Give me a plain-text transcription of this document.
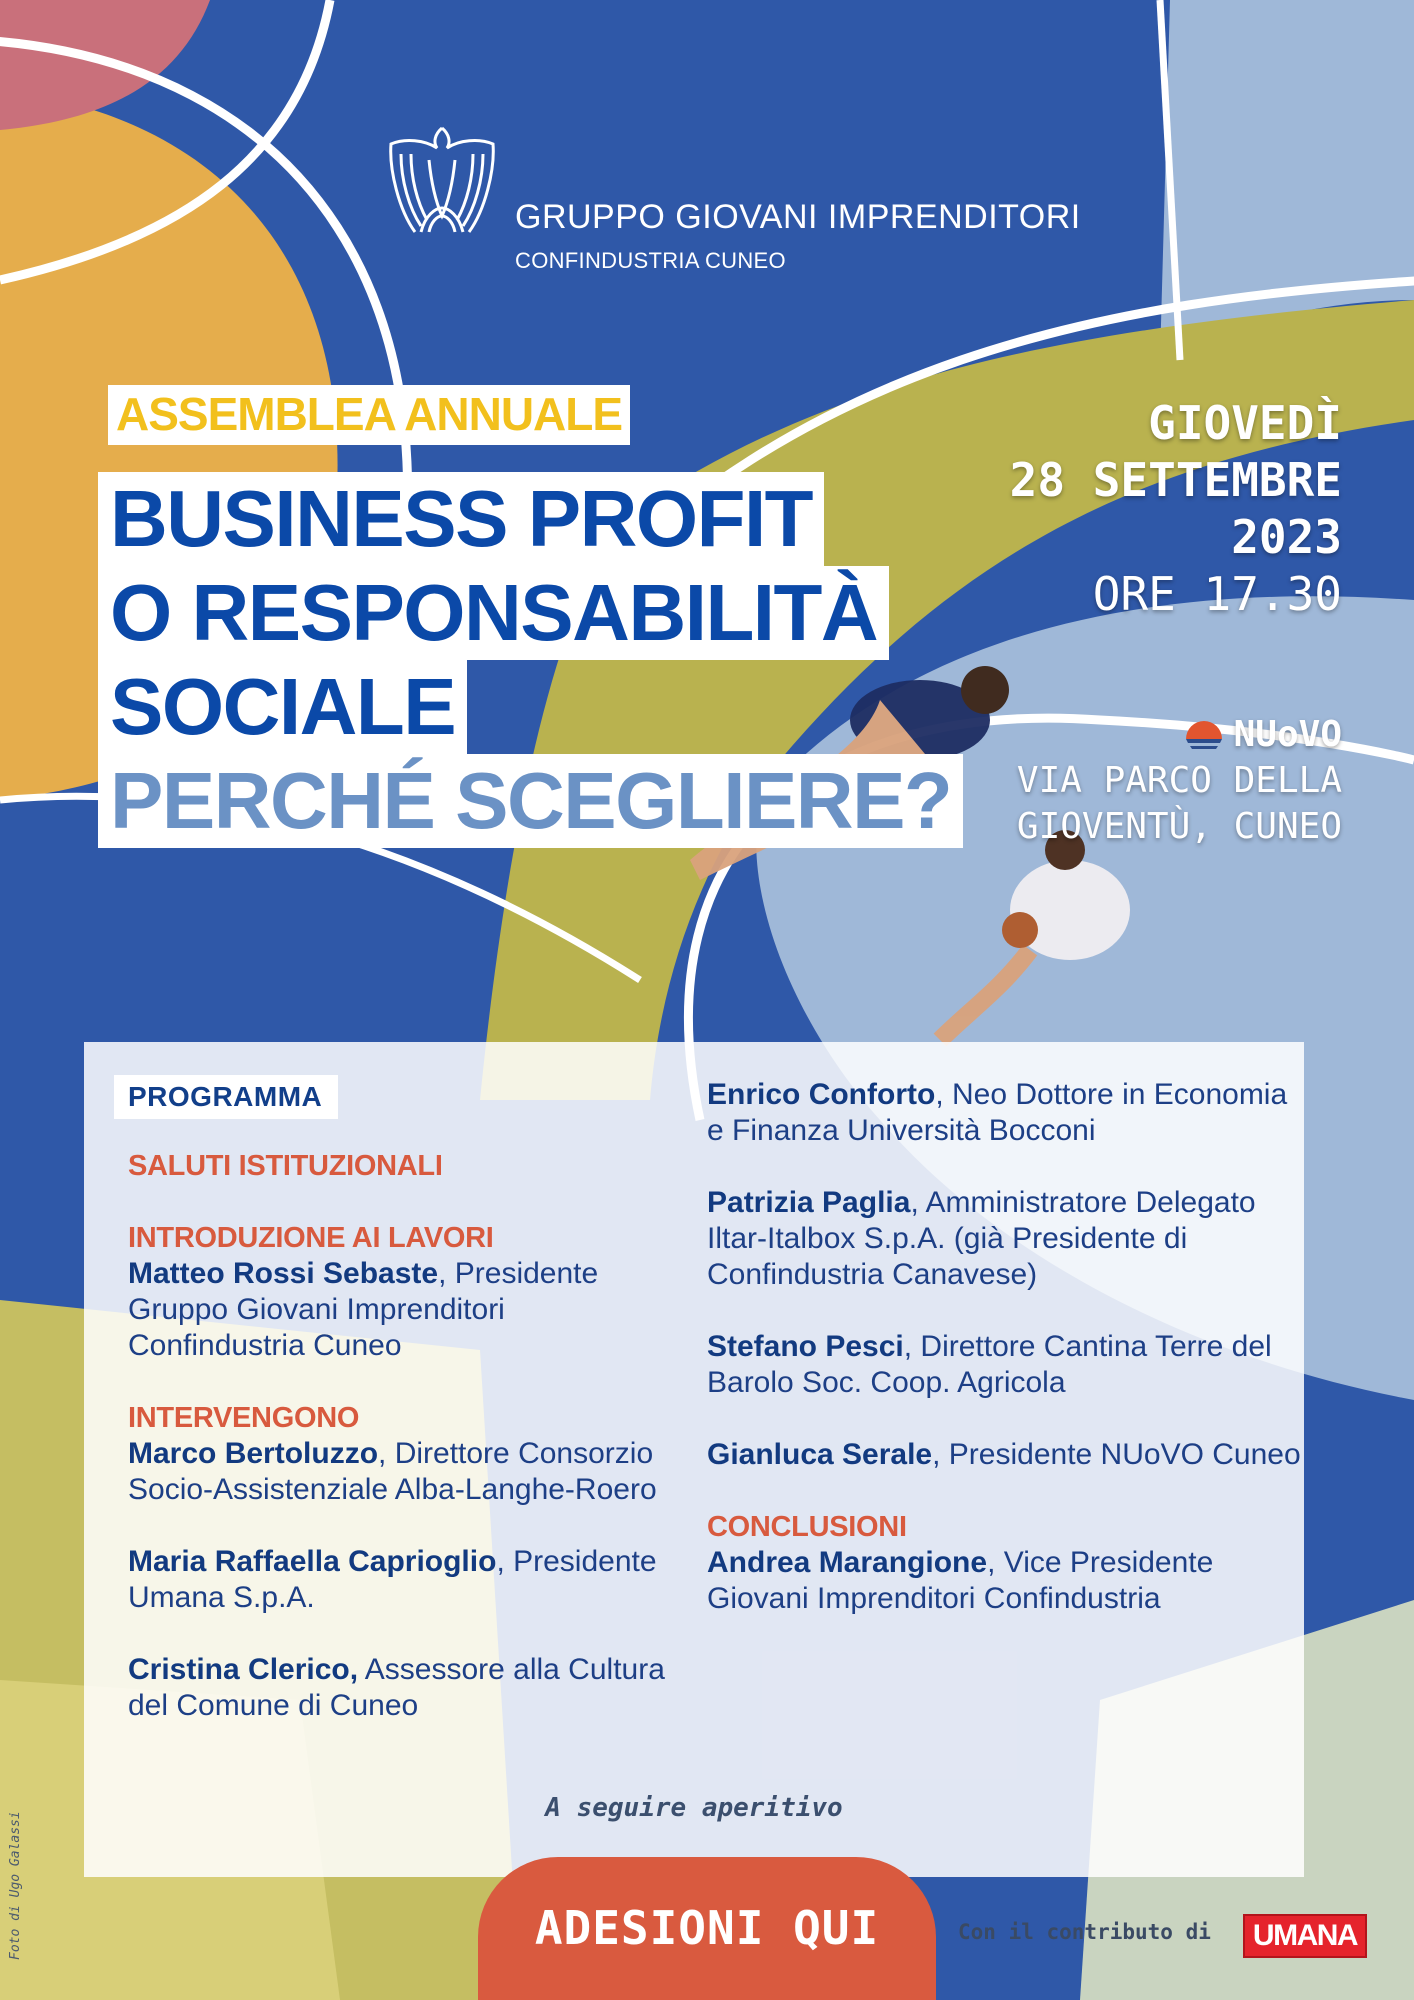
GRUPPO GIOVANI IMPRENDITORI
CONFINDUSTRIA CUNEO
ASSEMBLEA ANNUALE
BUSINESS PROFIT
O RESPONSABILITÀ
SOCIALE
PERCHÉ SCEGLIERE?
GIOVEDÌ
28 SETTEMBRE
2023
ORE 17.30
NUoVO
VIA PARCO DELLA
GIOVENTÙ, CUNEO
PROGRAMMA
SALUTI ISTITUZIONALI
INTRODUZIONE AI LAVORI
Matteo Rossi Sebaste, Presidente Gruppo Giovani Imprenditori Confindustria Cuneo
INTERVENGONO
Marco Bertoluzzo, Direttore Consorzio Socio-Assistenziale Alba-Langhe-Roero
Maria Raffaella Caprioglio, Presidente Umana S.p.A.
Cristina Clerico, Assessore alla Cultura del Comune di Cuneo
Enrico Conforto, Neo Dottore in Economia e Finanza Università Bocconi
Patrizia Paglia, Amministratore Delegato Iltar-Italbox S.p.A. (già Presidente di Confindustria Canavese)
Stefano Pesci, Direttore Cantina Terre del Barolo Soc. Coop. Agricola
Gianluca Serale, Presidente NUoVO Cuneo
CONCLUSIONI
Andrea Marangione, Vice Presidente Giovani Imprenditori Confindustria
A seguire aperitivo
ADESIONI QUI	Con il contributo di	UMANA
Foto di Ugo Galassi
